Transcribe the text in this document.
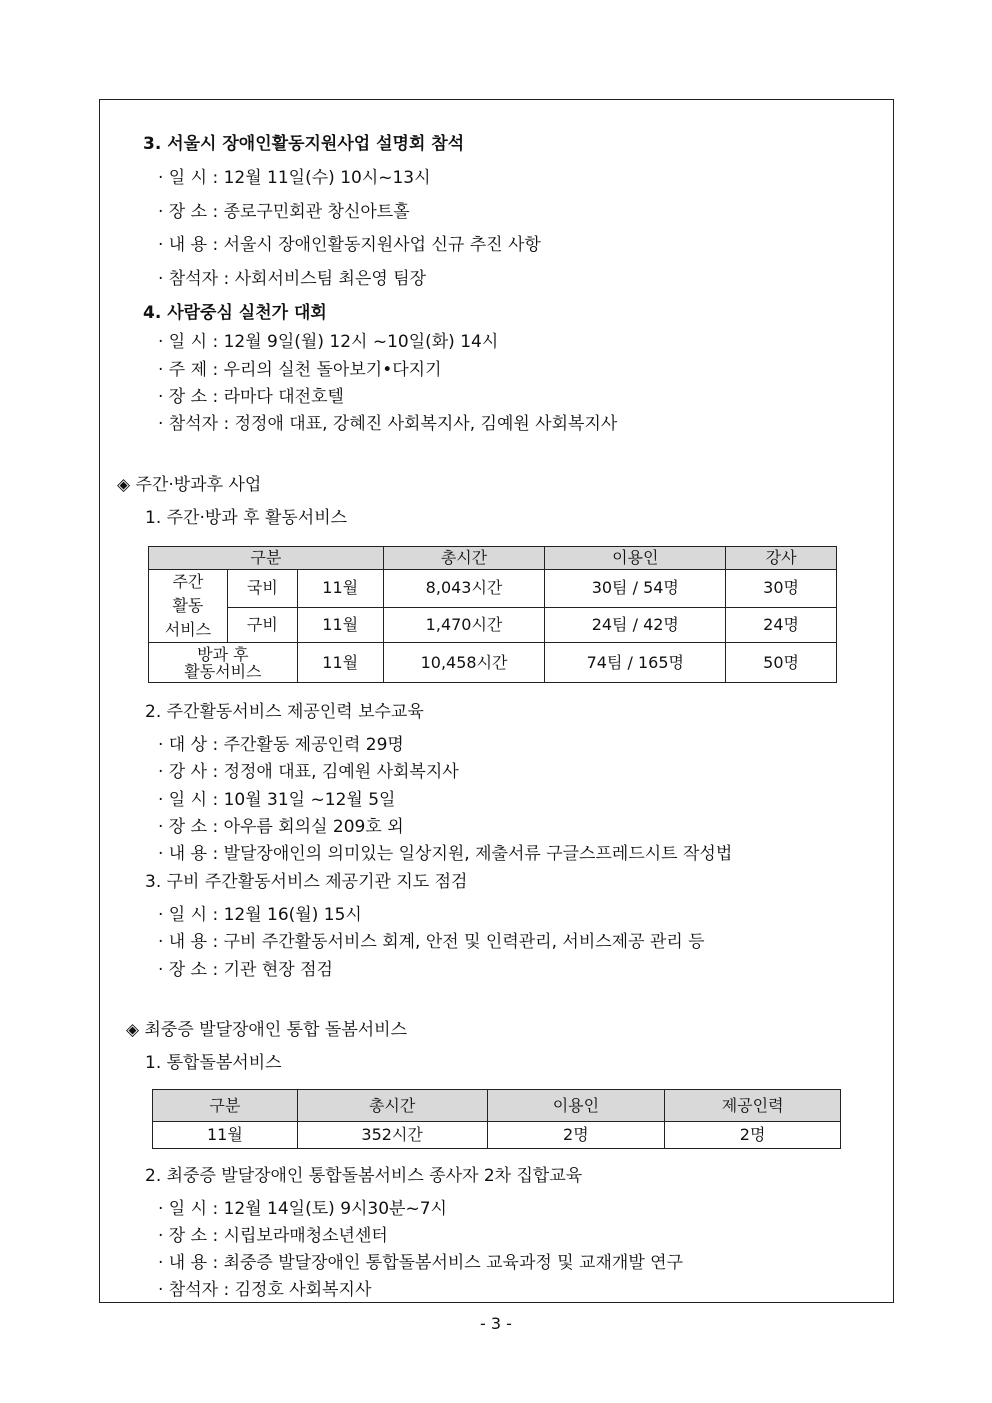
3. 서울시 장애인활동지원사업 설명회 참석
· 일 시 : 12월 11일(수) 10시~13시
· 장 소 : 종로구민회관 창신아트홀
· 내 용 : 서울시 장애인활동지원사업 신규 추진 사항
· 참석자 : 사회서비스팀 최은영 팀장
4. 사람중심 실천가 대회
· 일 시 : 12월 9일(월) 12시 ~10일(화) 14시
· 주 제 : 우리의 실천 돌아보기•다지기
· 장 소 : 라마다 대전호텔
· 참석자 : 정정애 대표, 강혜진 사회복지사, 김예원 사회복지사
◈ 주간·방과후 사업
1. 주간·방과 후 활동서비스
구분			총시간	이용인	강사
주간
활동
서비스	국비	11월	8,043시간	30팀 / 54명	30명
	구비	11월	1,470시간	24팀 / 42명	24명
방과 후
활동서비스		11월	10,458시간	74팀 / 165명	50명
2. 주간활동서비스 제공인력 보수교육
· 대 상 : 주간활동 제공인력 29명
· 강 사 : 정정애 대표, 김예원 사회복지사
· 일 시 : 10월 31일 ~12월 5일
· 장 소 : 아우름 회의실 209호 외
· 내 용 : 발달장애인의 의미있는 일상지원, 제출서류 구글스프레드시트 작성법
3. 구비 주간활동서비스 제공기관 지도 점검
· 일 시 : 12월 16(월) 15시
· 내 용 : 구비 주간활동서비스 회계, 안전 및 인력관리, 서비스제공 관리 등
· 장 소 : 기관 현장 점검
◈ 최중증 발달장애인 통합 돌봄서비스
1. 통합돌봄서비스
구분	총시간	이용인	제공인력
11월	352시간	2명	2명
2. 최중증 발달장애인 통합돌봄서비스 종사자 2차 집합교육
· 일 시 : 12월 14일(토) 9시30분~7시
· 장 소 : 시립보라매청소년센터
· 내 용 : 최중증 발달장애인 통합돌봄서비스 교육과정 및 교재개발 연구
· 참석자 : 김정호 사회복지사
- 3 -
